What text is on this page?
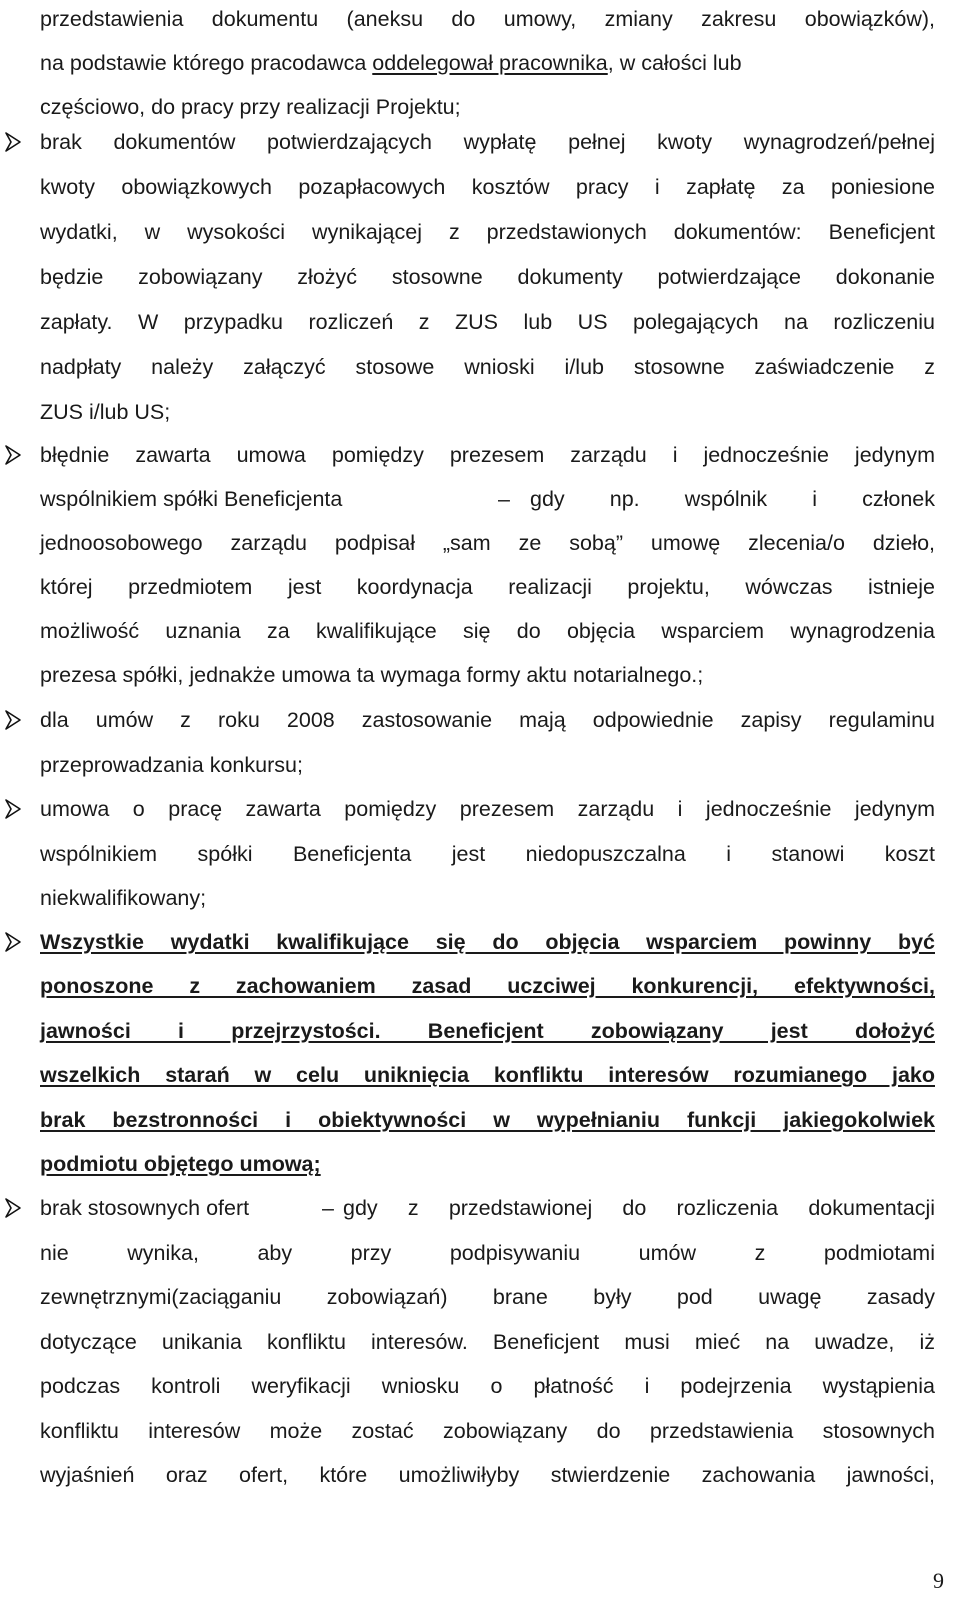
przedstawienia dokumentu (aneksu do umowy, zmiany zakresu obowiązków),
na podstawie którego pracodawca oddelegował pracownika, w całości lub
częściowo, do pracy przy realizacji Projektu;
brak dokumentów potwierdzających wypłatę pełnej kwoty wynagrodzeń/pełnej
kwoty obowiązkowych pozapłacowych kosztów pracy i zapłatę za poniesione
wydatki, w wysokości wynikającej z przedstawionych dokumentów: Beneficjent
będzie zobowiązany złożyć stosowne dokumenty potwierdzające dokonanie
zapłaty. W przypadku rozliczeń z ZUS lub US polegających na rozliczeniu
nadpłaty należy załączyć stosowe wnioski i/lub stosowne zaświadczenie z
ZUS i/lub US;
błędnie zawarta umowa pomiędzy prezesem zarządu i jednocześnie jedynym
wspólnikiem spółki Beneficjenta	– gdy np. wspólnik i członek
jednoosobowego zarządu podpisał „sam ze sobą” umowę zlecenia/o dzieło,
której przedmiotem jest koordynacja realizacji projektu, wówczas istnieje
możliwość uznania za kwalifikujące się do objęcia wsparciem wynagrodzenia
prezesa spółki, jednakże umowa ta wymaga formy aktu notarialnego.;
dla umów z roku 2008 zastosowanie mają odpowiednie zapisy regulaminu
przeprowadzania konkursu;
umowa o pracę zawarta pomiędzy prezesem zarządu i jednocześnie jedynym
wspólnikiem spółki Beneficjenta jest niedopuszczalna i stanowi koszt
niekwalifikowany;
Wszystkie wydatki kwalifikujące się do objęcia wsparciem powinny być
ponoszone z zachowaniem zasad uczciwej konkurencji, efektywności,
jawności i przejrzystości. Beneficjent zobowiązany jest dołożyć
wszelkich starań w celu uniknięcia konfliktu interesów rozumianego jako
brak bezstronności i obiektywności w wypełnianiu funkcji jakiegokolwiek
podmiotu objętego umową;
brak stosownych ofert	– gdy z przedstawionej do rozliczenia dokumentacji
nie wynika, aby przy podpisywaniu umów z podmiotami
zewnętrznymi(zaciąganiu zobowiązań) brane były pod uwagę zasady
dotyczące unikania konfliktu interesów. Beneficjent musi mieć na uwadze, iż
podczas kontroli weryfikacji wniosku o płatność i podejrzenia wystąpienia
konfliktu interesów może zostać zobowiązany do przedstawienia stosownych
wyjaśnień oraz ofert, które umożliwiłyby stwierdzenie zachowania jawności,
9
